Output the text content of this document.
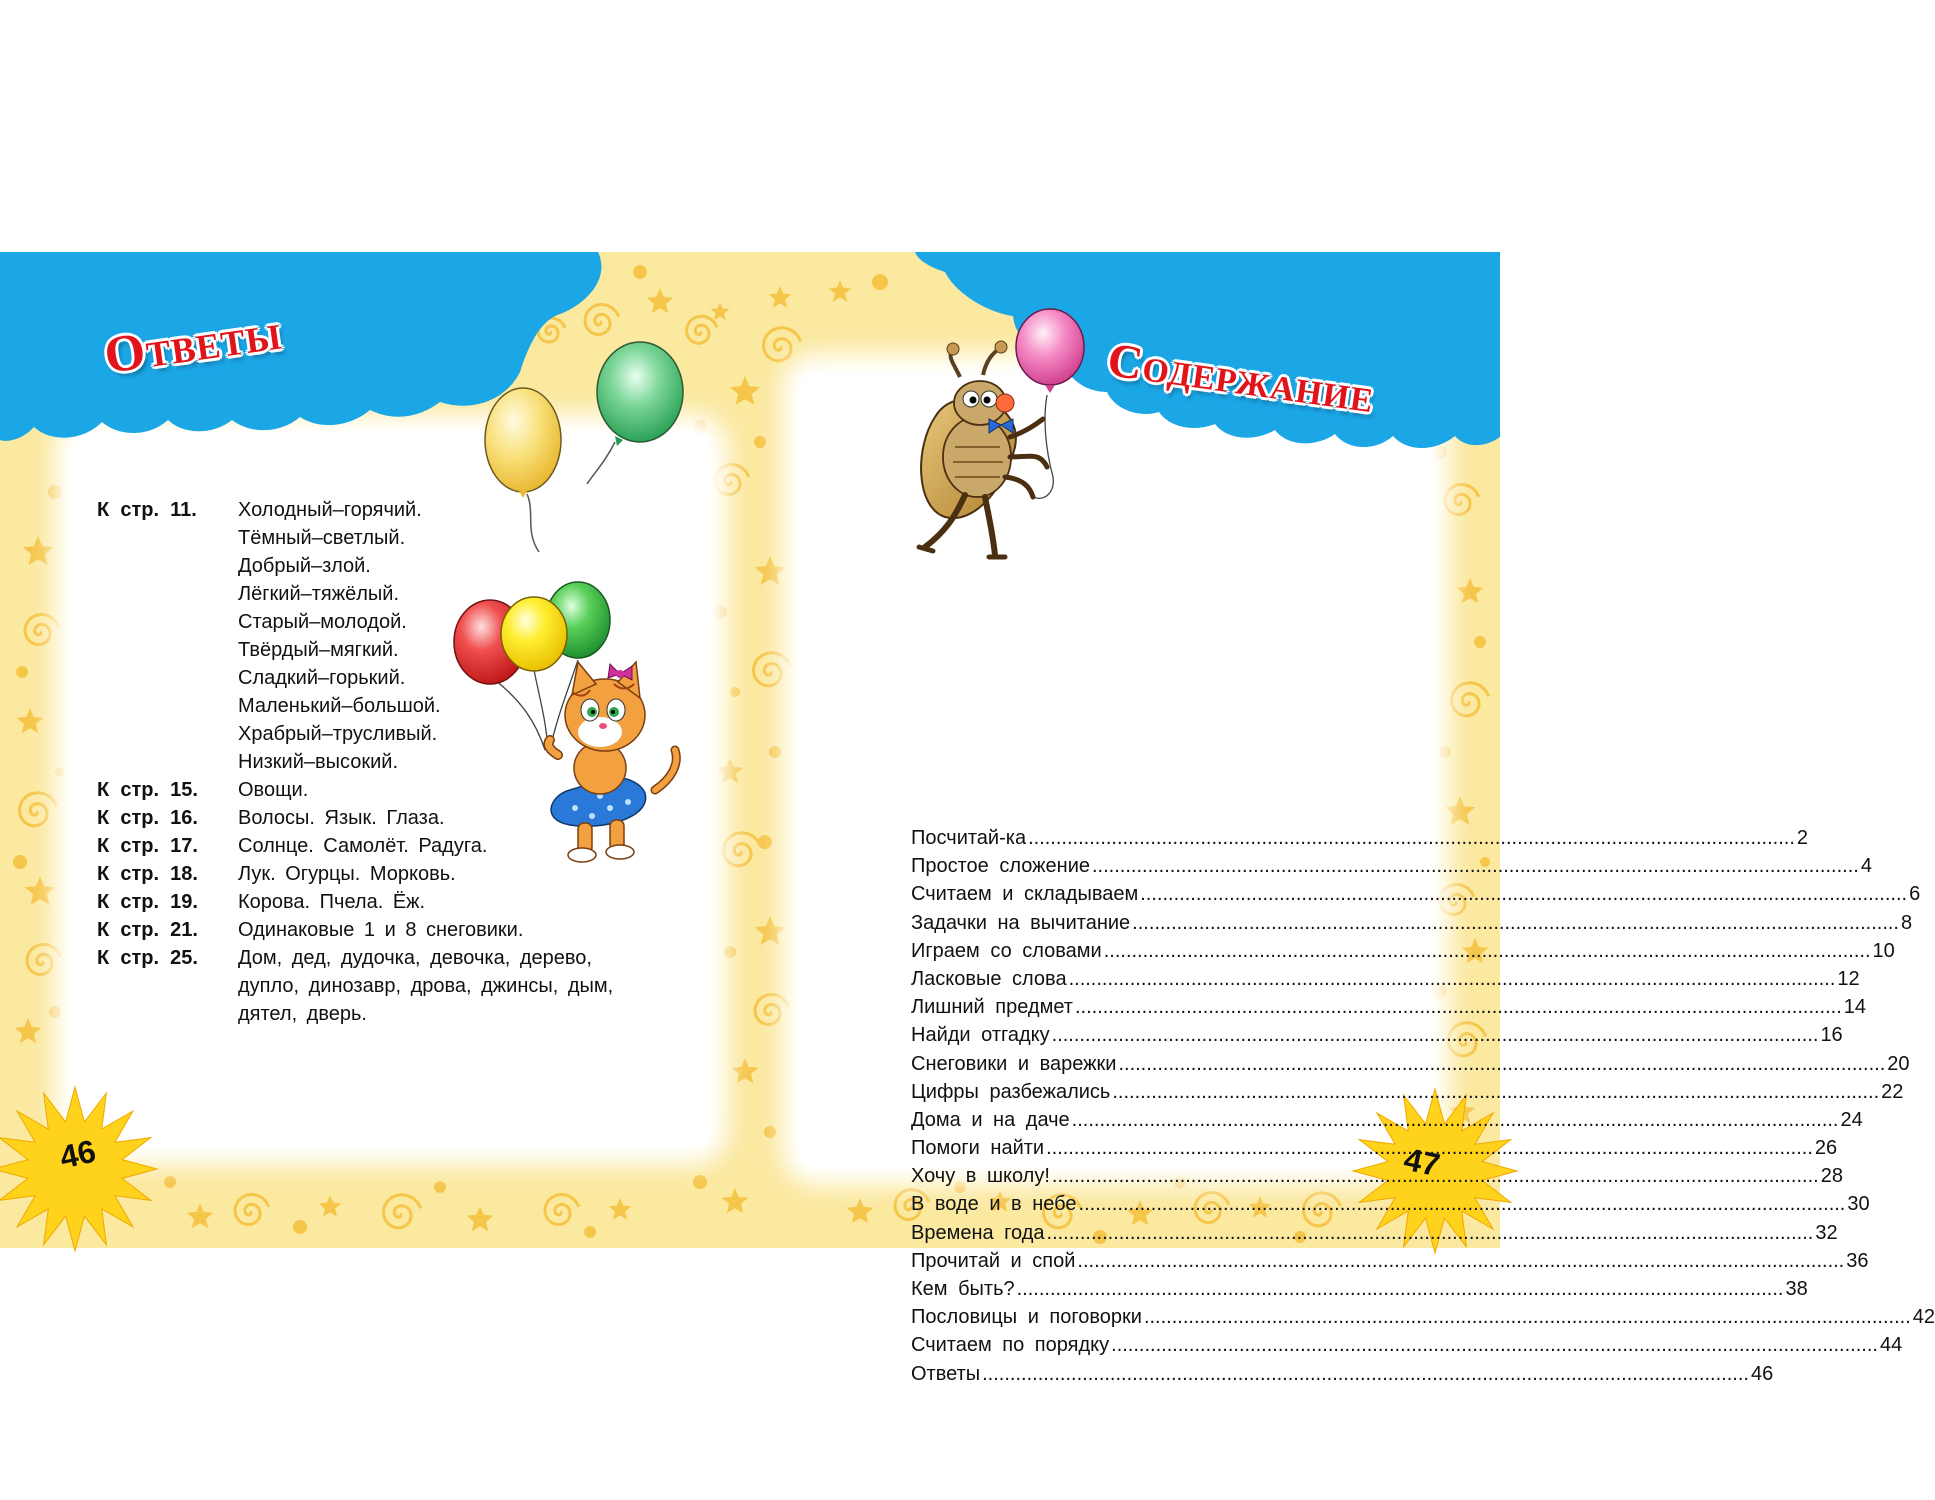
Ответы	Содержание
46	47
К  стр.  11. Холодный–горячий.
Тёмный–светлый.
Добрый–злой.
Лёгкий–тяжёлый.
Старый–молодой.
Твёрдый–мягкий.
Сладкий–горький.
Маленький–большой.
Храбрый–трусливый.
Низкий–высокий.
К  стр.  15. Овощи.
К  стр.  16. Волосы. Язык. Глаза.
К  стр.  17. Солнце. Самолёт. Радуга.
К  стр.  18. Лук. Огурцы. Морковь.
К  стр.  19. Корова. Пчела. Ёж.
К  стр.  21. Одинаковые 1 и 8 снеговики.
К  стр.  25. Дом, дед, дудочка, девочка, дерево,
дупло, динозавр, дрова, джинсы, дым,
дятел, дверь.
Посчитай-ка .....	2
Простое сложение .....	4
Считаем и складываем .....	6
Задачки на вычитание .....	8
Играем со словами .....	10
Ласковые слова .....	12
Лишний предмет .....	14
Найди отгадку .....	16
Снеговики и варежки .....	20
Цифры разбежались .....	22
Дома и на даче .....	24
Помоги найти .....	26
Хочу в школу! .....	28
В воде и в небе .....	30
Времена года .....	32
Прочитай и спой .....	36
Кем быть? .....	38
Пословицы и поговорки .....	42
Считаем по порядку .....	44
Ответы .....	46
